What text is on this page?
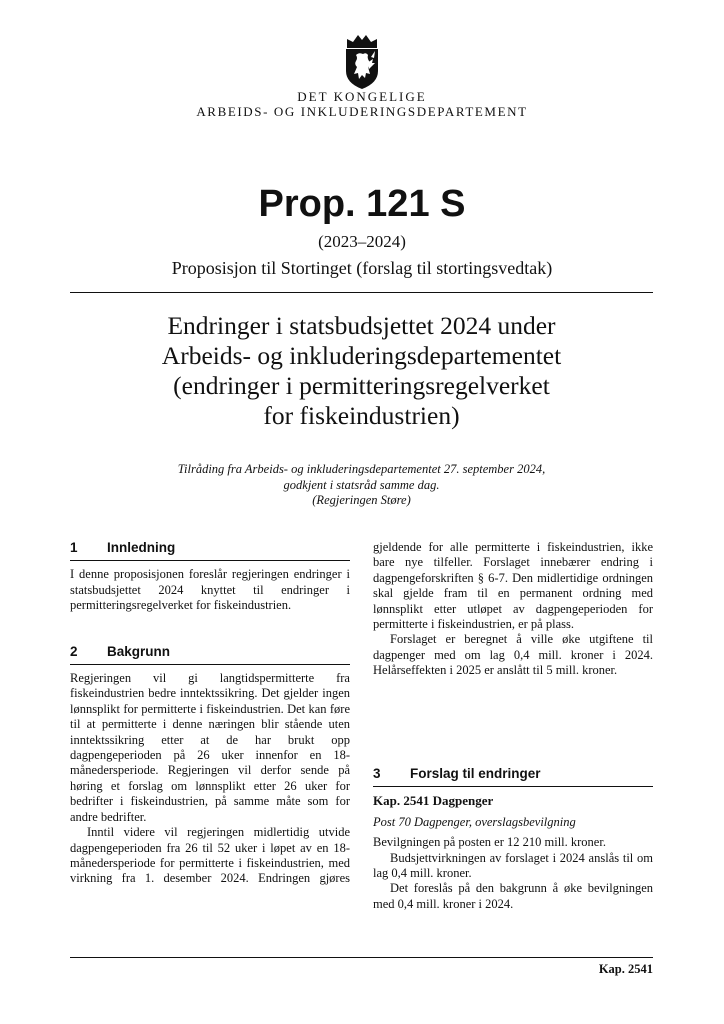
DET KONGELIGE
ARBEIDS- OG INKLUDERINGSDEPARTEMENT
Prop. 121 S
(2023–2024)
Proposisjon til Stortinget (forslag til stortingsvedtak)
Endringer i statsbudsjettet 2024 under
Arbeids- og inkluderingsdepartementet
(endringer i permitteringsregelverket
for fiskeindustrien)
Tilråding fra Arbeids- og inkluderingsdepartementet 27. september 2024,
godkjent i statsråd samme dag.
(Regjeringen Støre)
1	Innledning

I denne proposisjonen foreslår regjeringen endringer i statsbudsjettet 2024 knyttet til endringer i permitteringsregelverket for fiskeindustrien.

2	Bakgrunn

Regjeringen vil gi langtidspermitterte fra fiskeindustrien bedre inntektssikring. Det gjelder ingen lønnsplikt for permitterte i fiskeindustrien. Det kan føre til at permitterte i denne næringen blir stående uten inntektssikring etter at de har brukt opp dagpengeperioden på 26 uker innenfor en 18-månedersperiode. Regjeringen vil derfor sende på høring et forslag om lønnsplikt etter 26 uker for bedrifter i fiskeindustrien, på samme måte som for andre bedrifter.

Inntil videre vil regjeringen midlertidig utvide dagpengeperioden fra 26 til 52 uker i løpet av en 18-månedersperiode for permitterte i fiskeindustrien, med virkning fra 1. desember 2024. Endringen gjøres

3	Forslag til endringer
Kap. 2541 Dagpenger
Post 70 Dagpenger, overslagsbevilgning

Bevilgningen på posten er 12 210 mill. kroner.

Budsjettvirkningen av forslaget i 2024 anslås til om lag 0,4 mill. kroner.

Det foreslås på den bakgrunn å øke bevilgningen med 0,4 mill. kroner i 2024.

gjeldende for alle permitterte i fiskeindustrien, ikke bare nye tilfeller. Forslaget innebærer endring i dagpengeforskriften § 6-7. Den midlertidige ordningen skal gjelde fram til en permanent ordning med lønnsplikt etter utløpet av dagpengeperioden for permitterte i fiskeindustrien, er på plass.

Forslaget er beregnet å ville øke utgiftene til dagpenger med om lag 0,4 mill. kroner i 2024. Helårseffekten i 2025 er anslått til 5 mill. kroner.

Kap. 2541
